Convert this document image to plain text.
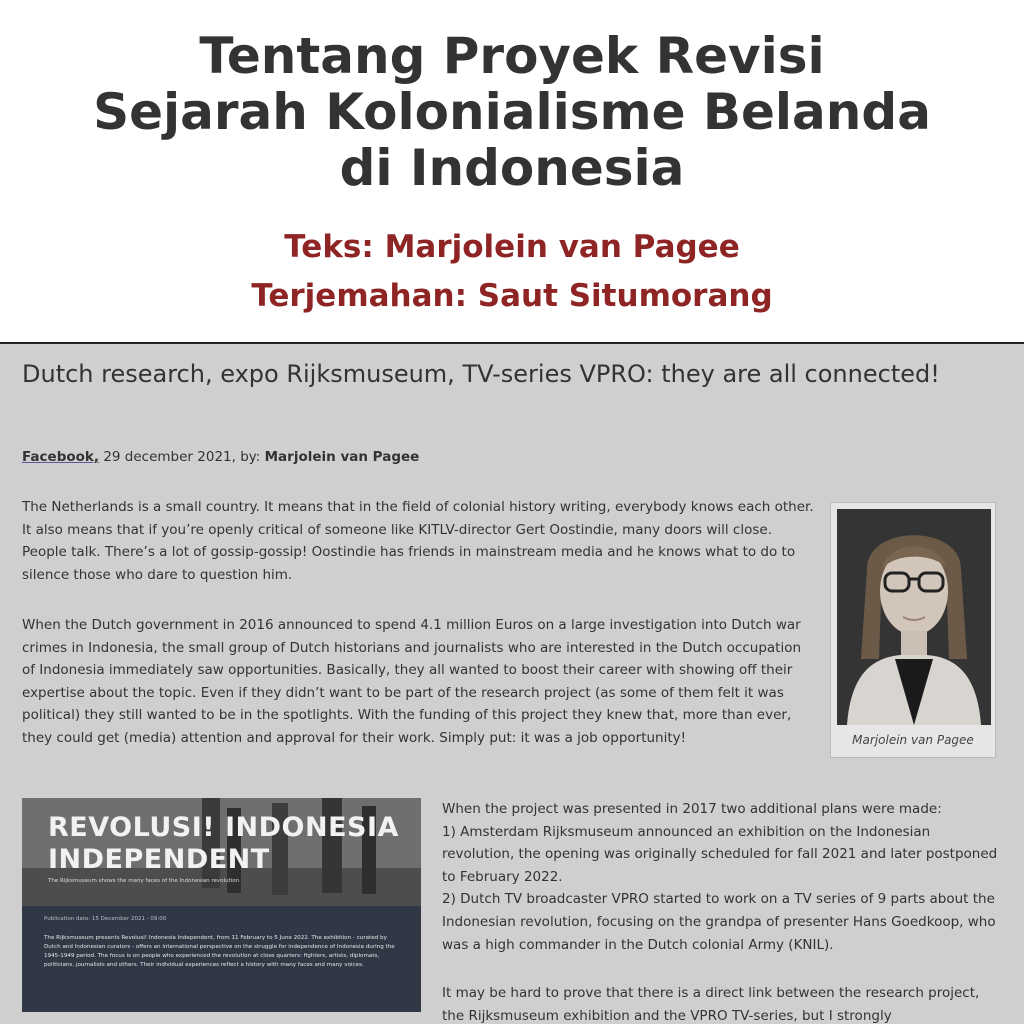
Tentang Proyek Revisi
Sejarah Kolonialisme Belanda
di Indonesia
Teks: Marjolein van Pagee
Terjemahan: Saut Situmorang
Dutch research, expo Rijksmuseum, TV-series VPRO: they are all connected!
Facebook, 29 december 2021, by: Marjolein van Pagee

The Netherlands is a small country. It means that in the field of colonial history writing, everybody knows each other. It also means that if you’re openly critical of someone like KITLV-director Gert Oostindie, many doors will close. People talk. There’s a lot of gossip-gossip! Oostindie has friends in mainstream media and he knows what to do to silence those who dare to question him.

When the Dutch government in 2016 announced to spend 4.1 million Euros on a large investigation into Dutch war crimes in Indonesia, the small group of Dutch historians and journalists who are interested in the Dutch occupation of Indonesia immediately saw opportunities. Basically, they all wanted to boost their career with showing off their expertise about the topic. Even if they didn’t want to be part of the research project (as some of them felt it was political) they still wanted to be in the spotlights. With the funding of this project they knew that, more than ever, they could get (media) attention and approval for their work. Simply put: it was a job opportunity!	Marjolein van Pagee
REVOLUSI! INDONESIA
INDEPENDENT
The Rijksmuseum shows the many faces of the Indonesian revolution
Publication date: 15 December 2021 - 09:00

The Rijksmuseum presents Revolusi! Indonesia Independent, from 11 February to 5 June 2022. The exhibition - curated by Dutch and Indonesian curators - offers an international perspective on the struggle for independence of Indonesia during the 1945-1949 period. The focus is on people who experienced the revolution at close quarters: fighters, artists, diplomats, politicians, journalists and others. Their individual experiences reflect a history with many faces and many voices.

When the project was presented in 2017 two additional plans were made:
1) Amsterdam Rijksmuseum announced an exhibition on the Indonesian revolution, the opening was originally scheduled for fall 2021 and later postponed to February 2022.
2) Dutch TV broadcaster VPRO started to work on a TV series of 9 parts about the Indonesian revolution, focusing on the grandpa of presenter Hans Goedkoop, who was a high commander in the Dutch colonial Army (KNIL).

It may be hard to prove that there is a direct link between the research project, the Rijksmuseum exhibition and the VPRO TV-series, but I strongly
